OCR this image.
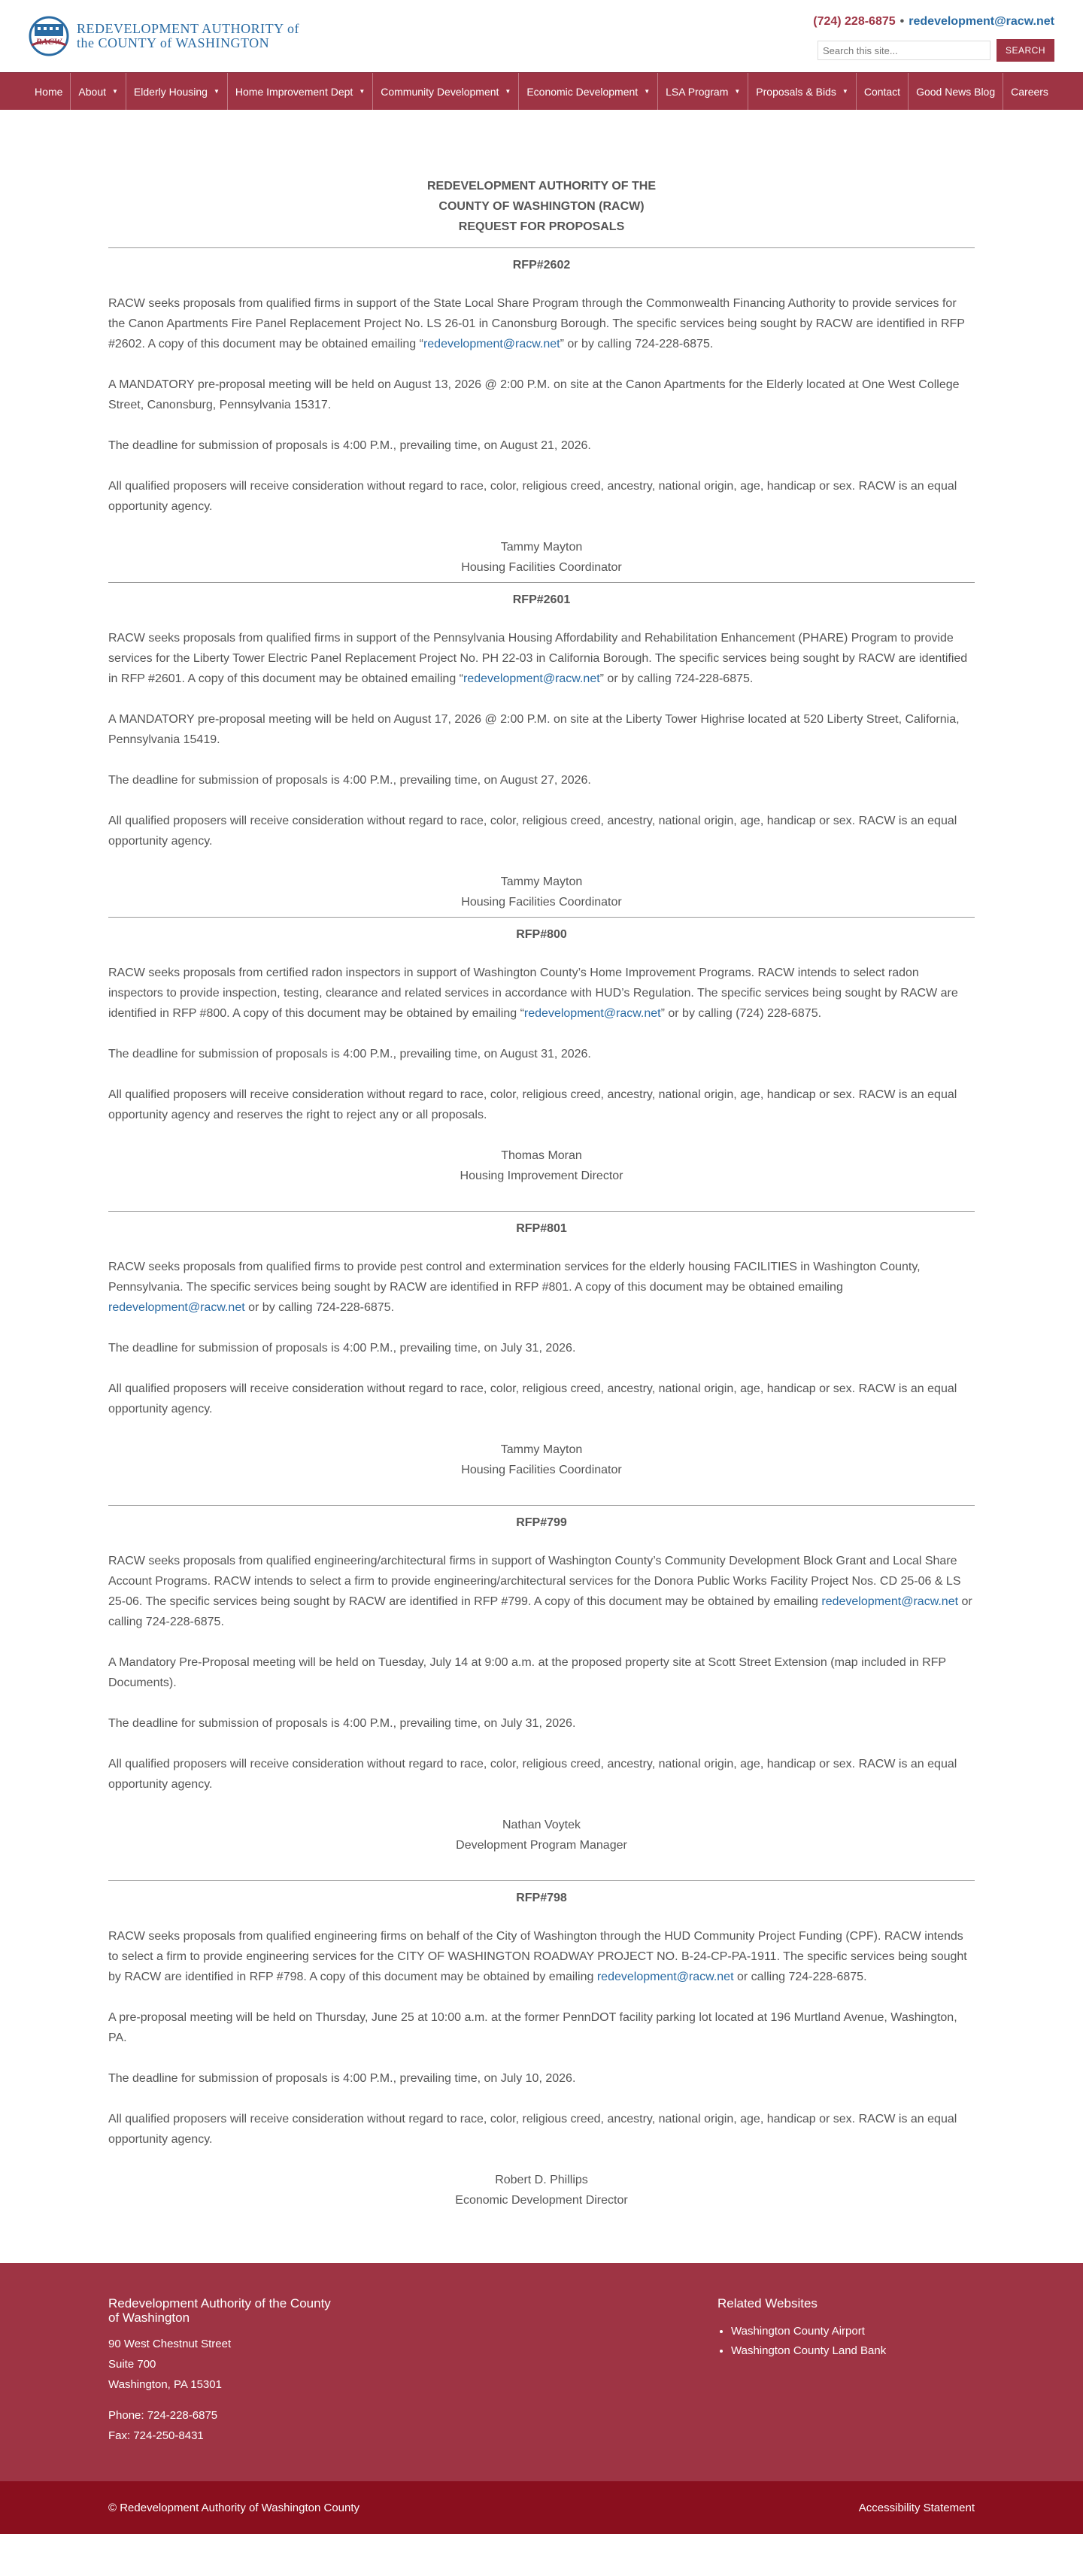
RACW
REDEVELOPMENT AUTHORITY of
the COUNTY of WASHINGTON
(724) 228-6875 • redevelopment@racw.net
Search this site...
SEARCH
Home About ▼ Elderly Housing ▼ Home Improvement Dept ▼ Community Development ▼ Economic Development ▼ LSA Program ▼ Proposals & Bids ▼ Contact Good News Blog Careers
REDEVELOPMENT AUTHORITY OF THE
COUNTY OF WASHINGTON (RACW)
REQUEST FOR PROPOSALS
RFP#2602

RACW seeks proposals from qualified firms in support of the State Local Share Program through the Commonwealth Financing Authority to provide services for the Canon Apartments Fire Panel Replacement Project No. LS 26-01 in Canonsburg Borough. The specific services being sought by RACW are identified in RFP #2602. A copy of this document may be obtained emailing “redevelopment@racw.net” or by calling 724-228-6875.

A MANDATORY pre-proposal meeting will be held on August 13, 2026 @ 2:00 P.M. on site at the Canon Apartments for the Elderly located at One West College Street, Canonsburg, Pennsylvania 15317.

The deadline for submission of proposals is 4:00 P.M., prevailing time, on August 21, 2026.

All qualified proposers will receive consideration without regard to race, color, religious creed, ancestry, national origin, age, handicap or sex. RACW is an equal opportunity agency.

Tammy Mayton
Housing Facilities Coordinator
RFP#2601

RACW seeks proposals from qualified firms in support of the Pennsylvania Housing Affordability and Rehabilitation Enhancement (PHARE) Program to provide services for the Liberty Tower Electric Panel Replacement Project No. PH 22-03 in California Borough. The specific services being sought by RACW are identified in RFP #2601. A copy of this document may be obtained emailing “redevelopment@racw.net” or by calling 724-228-6875.

A MANDATORY pre-proposal meeting will be held on August 17, 2026 @ 2:00 P.M. on site at the Liberty Tower Highrise located at 520 Liberty Street, California, Pennsylvania 15419.

The deadline for submission of proposals is 4:00 P.M., prevailing time, on August 27, 2026.

All qualified proposers will receive consideration without regard to race, color, religious creed, ancestry, national origin, age, handicap or sex. RACW is an equal opportunity agency.

Tammy Mayton
Housing Facilities Coordinator
RFP#800

RACW seeks proposals from certified radon inspectors in support of Washington County’s Home Improvement Programs. RACW intends to select radon inspectors to provide inspection, testing, clearance and related services in accordance with HUD’s Regulation. The specific services being sought by RACW are identified in RFP #800. A copy of this document may be obtained by emailing “redevelopment@racw.net” or by calling (724) 228-6875.

The deadline for submission of proposals is 4:00 P.M., prevailing time, on August 31, 2026.

All qualified proposers will receive consideration without regard to race, color, religious creed, ancestry, national origin, age, handicap or sex. RACW is an equal opportunity agency and reserves the right to reject any or all proposals.

Thomas Moran
Housing Improvement Director
RFP#801

RACW seeks proposals from qualified firms to provide pest control and extermination services for the elderly housing FACILITIES in Washington County, Pennsylvania. The specific services being sought by RACW are identified in RFP #801. A copy of this document may be obtained emailing redevelopment@racw.net or by calling 724-228-6875.

The deadline for submission of proposals is 4:00 P.M., prevailing time, on July 31, 2026.

All qualified proposers will receive consideration without regard to race, color, religious creed, ancestry, national origin, age, handicap or sex. RACW is an equal opportunity agency.

Tammy Mayton
Housing Facilities Coordinator
RFP#799

RACW seeks proposals from qualified engineering/architectural firms in support of Washington County’s Community Development Block Grant and Local Share Account Programs. RACW intends to select a firm to provide engineering/architectural services for the Donora Public Works Facility Project Nos. CD 25-06 & LS 25-06. The specific services being sought by RACW are identified in RFP #799. A copy of this document may be obtained by emailing redevelopment@racw.net or calling 724-228-6875.

A Mandatory Pre-Proposal meeting will be held on Tuesday, July 14 at 9:00 a.m. at the proposed property site at Scott Street Extension (map included in RFP Documents).

The deadline for submission of proposals is 4:00 P.M., prevailing time, on July 31, 2026.

All qualified proposers will receive consideration without regard to race, color, religious creed, ancestry, national origin, age, handicap or sex. RACW is an equal opportunity agency.

Nathan Voytek
Development Program Manager
RFP#798

RACW seeks proposals from qualified engineering firms on behalf of the City of Washington through the HUD Community Project Funding (CPF). RACW intends to select a firm to provide engineering services for the CITY OF WASHINGTON ROADWAY PROJECT NO. B-24-CP-PA-1911. The specific services being sought by RACW are identified in RFP #798. A copy of this document may be obtained by emailing redevelopment@racw.net or calling 724-228-6875.

A pre-proposal meeting will be held on Thursday, June 25 at 10:00 a.m. at the former PennDOT facility parking lot located at 196 Murtland Avenue, Washington, PA.

The deadline for submission of proposals is 4:00 P.M., prevailing time, on July 10, 2026.

All qualified proposers will receive consideration without regard to race, color, religious creed, ancestry, national origin, age, handicap or sex. RACW is an equal opportunity agency.

Robert D. Phillips
Economic Development Director
Redevelopment Authority of the County
of Washington
90 West Chestnut Street
Suite 700
Washington, PA 15301
Phone: 724-228-6875
Fax: 724-250-8431
Related Websites
• Washington County Airport
• Washington County Land Bank
© Redevelopment Authority of Washington County	Accessibility Statement
